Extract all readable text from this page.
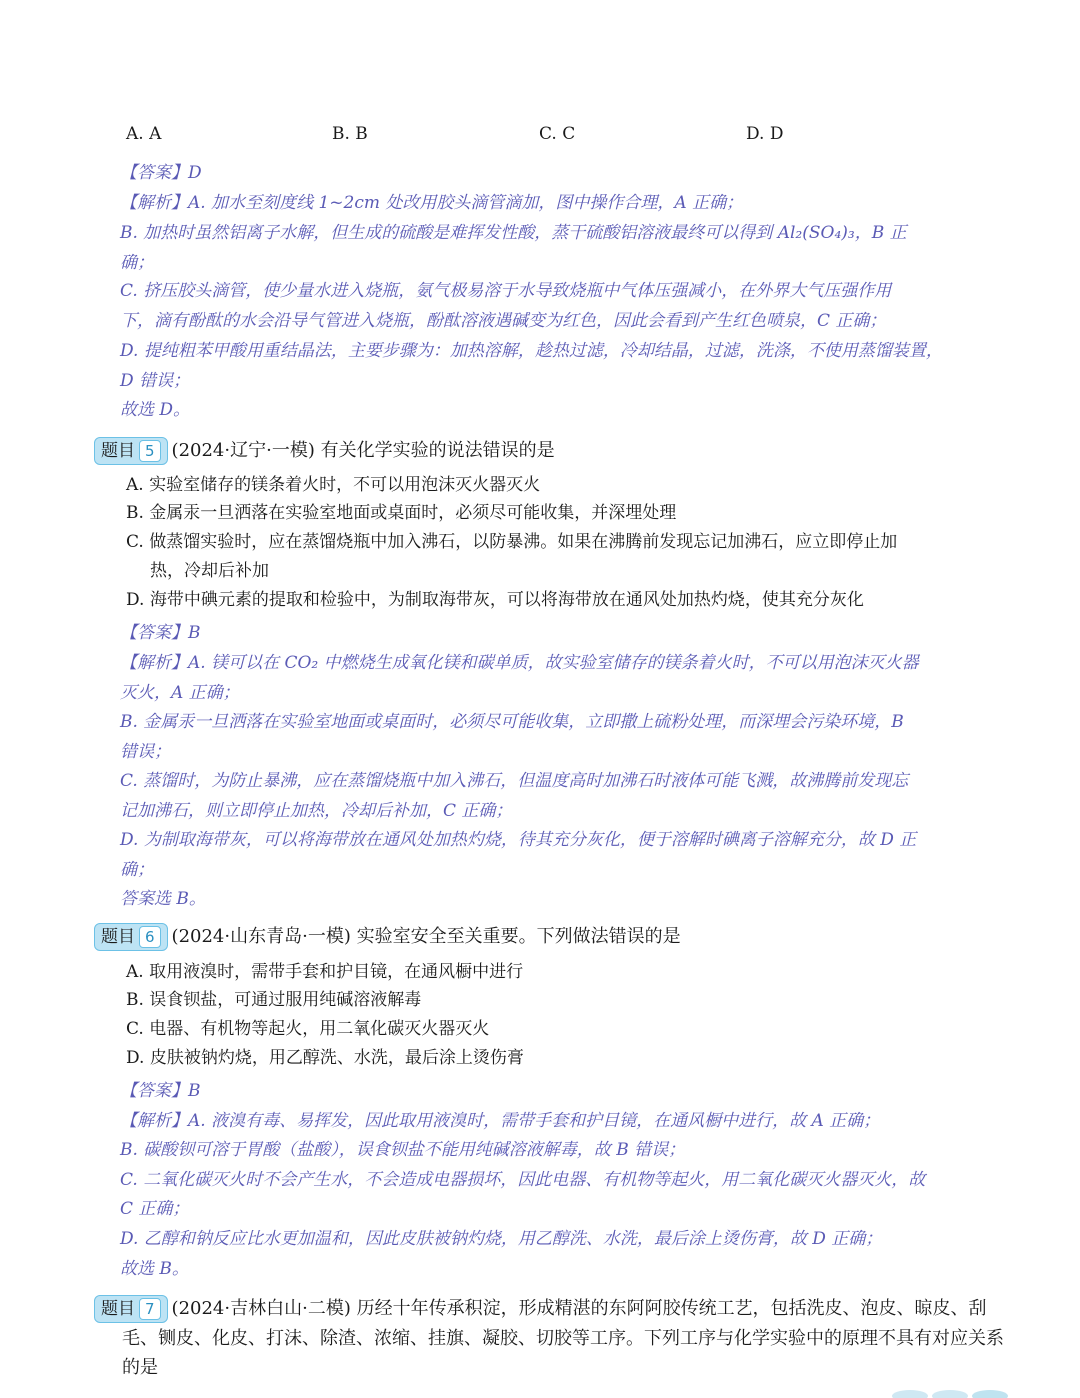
A. A	B. B	C. C	D. D
【答案】D
【解析】A. 加水至刻度线 1~2cm 处改用胶头滴管滴加，图中操作合理，A 正确；
B. 加热时虽然铝离子水解，但生成的硫酸是难挥发性酸，蒸干硫酸铝溶液最终可以得到 Al₂(SO₄)₃，B 正
确；
C. 挤压胶头滴管，使少量水进入烧瓶，氨气极易溶于水导致烧瓶中气体压强减小，在外界大气压强作用
下，滴有酚酞的水会沿导气管进入烧瓶，酚酞溶液遇碱变为红色，因此会看到产生红色喷泉，C 正确；
D. 提纯粗苯甲酸用重结晶法，主要步骤为：加热溶解，趁热过滤，冷却结晶，过滤，洗涤，不使用蒸馏装置，
D 错误；
故选 D。
题目 5 (2024·辽宁·一模) 有关化学实验的说法错误的是
A. 实验室储存的镁条着火时，不可以用泡沫灭火器灭火
B. 金属汞一旦洒落在实验室地面或桌面时，必须尽可能收集，并深埋处理
C. 做蒸馏实验时，应在蒸馏烧瓶中加入沸石，以防暴沸。如果在沸腾前发现忘记加沸石，应立即停止加
热，冷却后补加
D. 海带中碘元素的提取和检验中，为制取海带灰，可以将海带放在通风处加热灼烧，使其充分灰化
【答案】B
【解析】A. 镁可以在 CO₂ 中燃烧生成氧化镁和碳单质，故实验室储存的镁条着火时，不可以用泡沫灭火器
灭火，A 正确；
B. 金属汞一旦洒落在实验室地面或桌面时，必须尽可能收集，立即撒上硫粉处理，而深埋会污染环境，B
错误；
C. 蒸馏时，为防止暴沸，应在蒸馏烧瓶中加入沸石，但温度高时加沸石时液体可能飞溅，故沸腾前发现忘
记加沸石，则立即停止加热，冷却后补加，C 正确；
D. 为制取海带灰，可以将海带放在通风处加热灼烧，待其充分灰化，便于溶解时碘离子溶解充分，故 D 正
确；
答案选 B。
题目 6 (2024·山东青岛·一模) 实验室安全至关重要。下列做法错误的是
A. 取用液溴时，需带手套和护目镜，在通风橱中进行
B. 误食钡盐，可通过服用纯碱溶液解毒
C. 电器、有机物等起火，用二氧化碳灭火器灭火
D. 皮肤被钠灼烧，用乙醇洗、水洗，最后涂上烫伤膏
【答案】B
【解析】A. 液溴有毒、易挥发，因此取用液溴时，需带手套和护目镜，在通风橱中进行，故 A 正确；
B. 碳酸钡可溶于胃酸（盐酸），误食钡盐不能用纯碱溶液解毒，故 B 错误；
C. 二氧化碳灭火时不会产生水，不会造成电器损坏，因此电器、有机物等起火，用二氧化碳灭火器灭火，故
C 正确；
D. 乙醇和钠反应比水更加温和，因此皮肤被钠灼烧，用乙醇洗、水洗，最后涂上烫伤膏，故 D 正确；
故选 B。
题目 7 (2024·吉林白山·二模) 历经十年传承积淀，形成精湛的东阿阿胶传统工艺，包括洗皮、泡皮、晾皮、刮
毛、铡皮、化皮、打沫、除渣、浓缩、挂旗、凝胶、切胶等工序。下列工序与化学实验中的原理不具有对应关系
的是
